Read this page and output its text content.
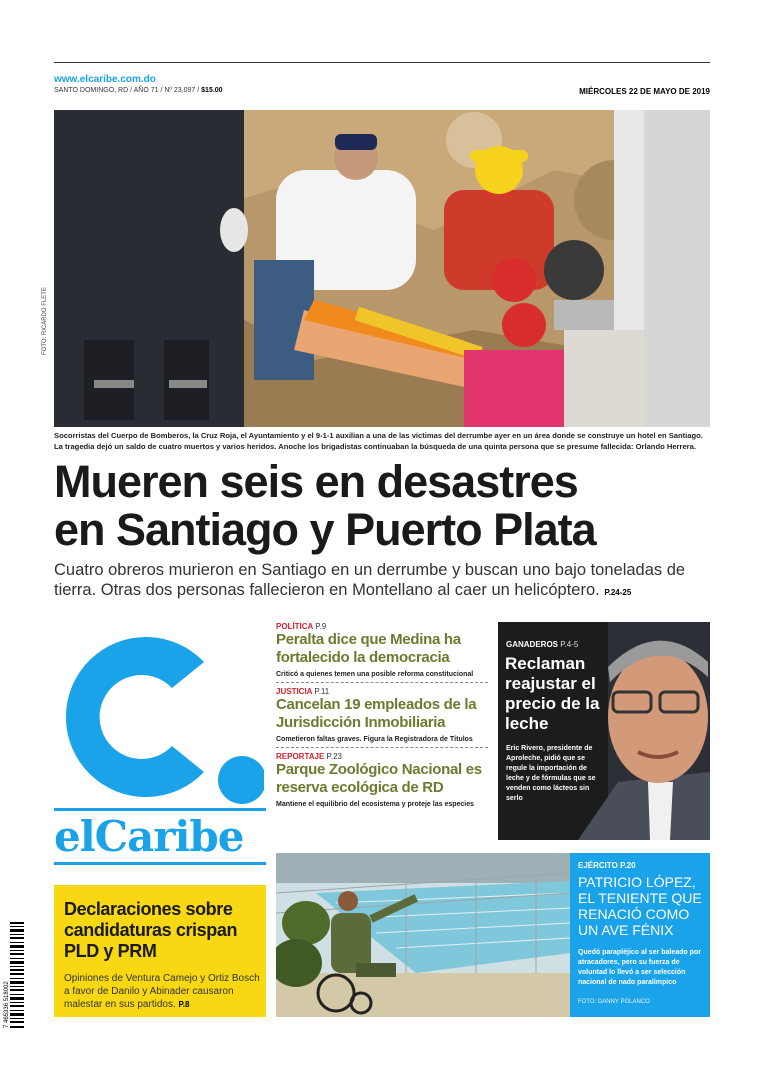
www.elcaribe.com.do
SANTO DOMINGO, RD / AÑO 71 / Nº 23,097 / $15.00	MIÉRCOLES 22 DE MAYO DE 2019
FOTO: RICARDO FLETE
Socorristas del Cuerpo de Bomberos, la Cruz Roja, el Ayuntamiento y el 9-1-1 auxilian a una de las víctimas del derrumbe ayer en un área donde se construye un hotel en Santiago. La tragedia dejó un saldo de cuatro muertos y varios heridos. Anoche los brigadistas continuaban la búsqueda de una quinta persona que se presume fallecida: Orlando Herrera.
Mueren seis en desastres
en Santiago y Puerto Plata
Cuatro obreros murieron en Santiago en un derrumbe y buscan uno bajo toneladas de tierra. Otras dos personas fallecieron en Montellano al caer un helicóptero. P.24-25
elCaribe
POLÍTICA P.9
Peralta dice que Medina ha fortalecido la democracia
Criticó a quienes temen una posible reforma constitucional
JUSTICIA P.11
Cancelan 19 empleados de la Jurisdicción Inmobiliaria
Cometieron faltas graves. Figura la Registradora de Títulos
REPORTAJE P.23
Parque Zoológico Nacional es reserva ecológica de RD
Mantiene el equilibrio del ecosistema y proteje las especies
GANADEROS P.4-5
Reclaman reajustar el precio de la leche
Eric Rivero, presidente de Aproleche, pidió que se regule la importación de leche y de fórmulas que se venden como lácteos sin serlo
Declaraciones sobre candidaturas crispan PLD y PRM
Opiniones de Ventura Camejo y Ortiz Bosch a favor de Danilo y Abinader causaron malestar en sus partidos. P.8
7 465336 518002
EJÉRCITO P.20
PATRICIO LÓPEZ, EL TENIENTE QUE RENACIÓ COMO UN AVE FÉNIX
Quedó parapléjico al ser baleado por atracadores, pero su fuerza de voluntad lo llevó a ser selección nacional de nado paralímpico
FOTO: DANNY POLANCO
